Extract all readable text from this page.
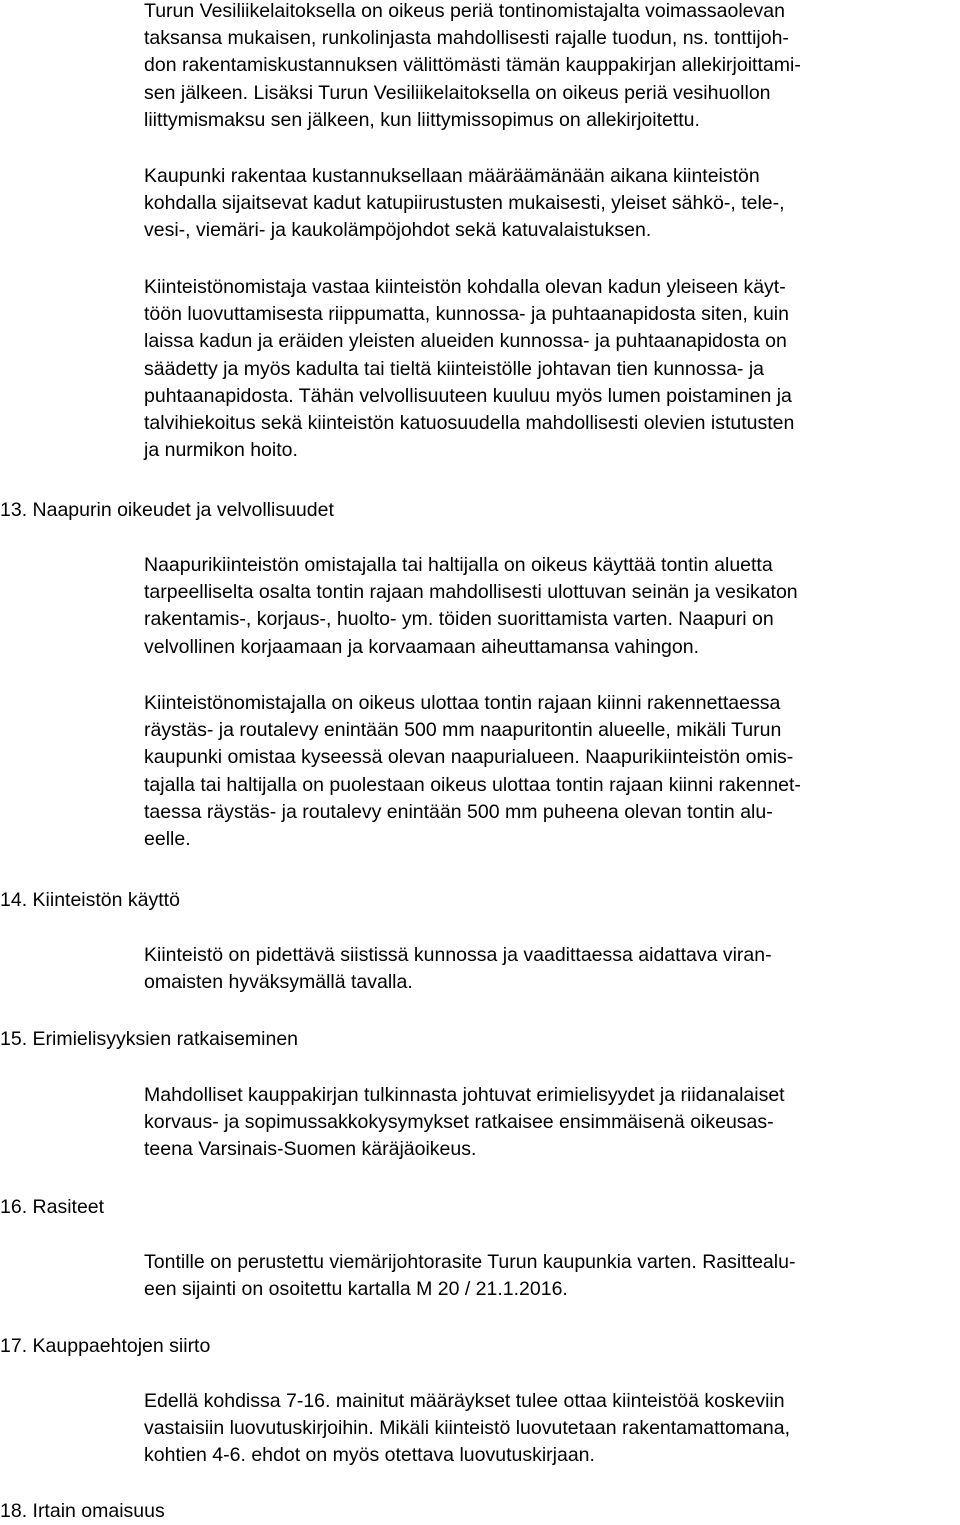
Turun Vesiliikelaitoksella on oikeus periä tontinomistajalta voimassaolevan
taksansa mukaisen, runkolinjasta mahdollisesti rajalle tuodun, ns. tonttijoh-
don rakentamiskustannuksen välittömästi tämän kauppakirjan allekirjoittami-
sen jälkeen. Lisäksi Turun Vesiliikelaitoksella on oikeus periä vesihuollon
liittymismaksu sen jälkeen, kun liittymissopimus on allekirjoitettu.
Kaupunki rakentaa kustannuksellaan määräämänään aikana kiinteistön
kohdalla sijaitsevat kadut katupiirustusten mukaisesti, yleiset sähkö-, tele-,
vesi-, viemäri- ja kaukolämpöjohdot sekä katuvalaistuksen.
Kiinteistönomistaja vastaa kiinteistön kohdalla olevan kadun yleiseen käyt-
töön luovuttamisesta riippumatta, kunnossa- ja puhtaanapidosta siten, kuin
laissa kadun ja eräiden yleisten alueiden kunnossa- ja puhtaanapidosta on
säädetty ja myös kadulta tai tieltä kiinteistölle johtavan tien kunnossa- ja
puhtaanapidosta. Tähän velvollisuuteen kuuluu myös lumen poistaminen ja
talvihiekoitus sekä kiinteistön katuosuudella mahdollisesti olevien istutusten
ja nurmikon hoito.
13. Naapurin oikeudet ja velvollisuudet
Naapurikiinteistön omistajalla tai haltijalla on oikeus käyttää tontin aluetta
tarpeelliselta osalta tontin rajaan mahdollisesti ulottuvan seinän ja vesikaton
rakentamis-, korjaus-, huolto- ym. töiden suorittamista varten. Naapuri on
velvollinen korjaamaan ja korvaamaan aiheuttamansa vahingon.
Kiinteistönomistajalla on oikeus ulottaa tontin rajaan kiinni rakennettaessa
räystäs- ja routalevy enintään 500 mm naapuritontin alueelle, mikäli Turun
kaupunki omistaa kyseessä olevan naapurialueen. Naapurikiinteistön omis-
tajalla tai haltijalla on puolestaan oikeus ulottaa tontin rajaan kiinni rakennet-
taessa räystäs- ja routalevy enintään 500 mm puheena olevan tontin alu-
eelle.
14. Kiinteistön käyttö
Kiinteistö on pidettävä siistissä kunnossa ja vaadittaessa aidattava viran-
omaisten hyväksymällä tavalla.
15. Erimielisyyksien ratkaiseminen
Mahdolliset kauppakirjan tulkinnasta johtuvat erimielisyydet ja riidanalaiset
korvaus- ja sopimussakkokysymykset ratkaisee ensimmäisenä oikeusas-
teena Varsinais-Suomen käräjäoikeus.
16. Rasiteet
Tontille on perustettu viemärijohtorasite Turun kaupunkia varten. Rasittealu-
een sijainti on osoitettu kartalla M 20 / 21.1.2016.
17. Kauppaehtojen siirto
Edellä kohdissa 7-16. mainitut määräykset tulee ottaa kiinteistöä koskeviin
vastaisiin luovutuskirjoihin. Mikäli kiinteistö luovutetaan rakentamattomana,
kohtien 4-6. ehdot on myös otettava luovutuskirjaan.
18. Irtain omaisuus
